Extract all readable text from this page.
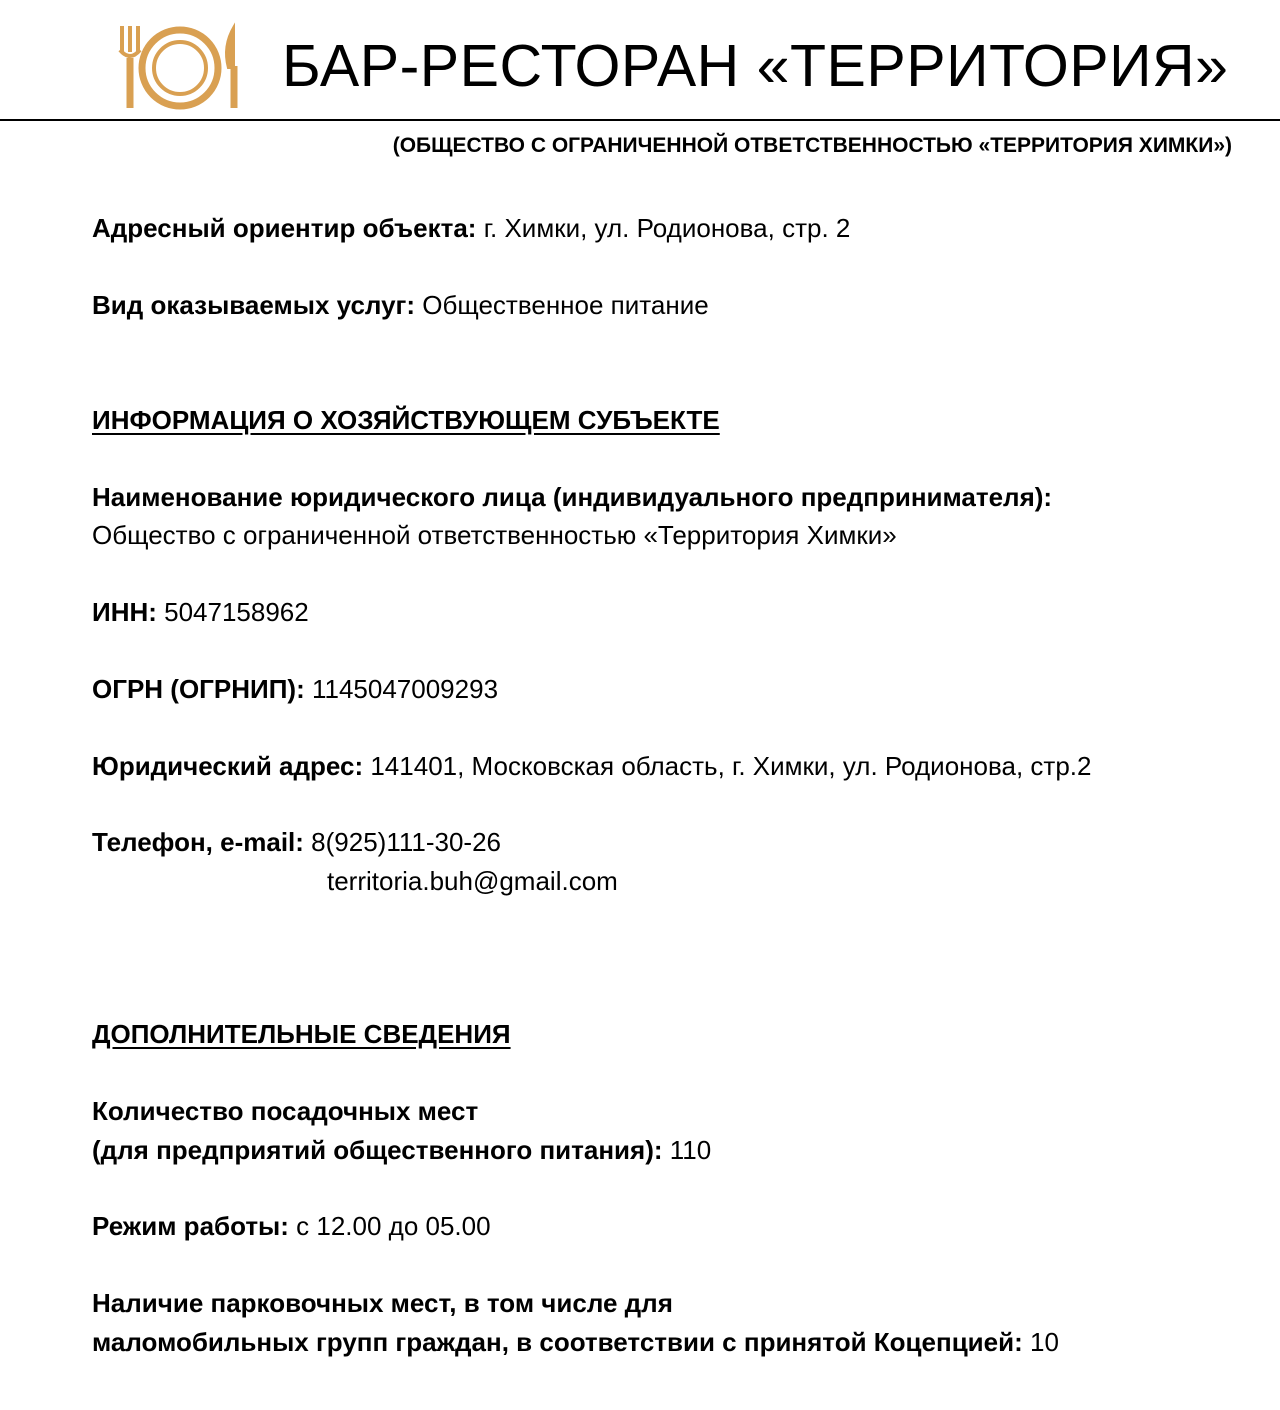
БАР-РЕСТОРАН «ТЕРРИТОРИЯ»
(ОБЩЕСТВО С ОГРАНИЧЕННОЙ ОТВЕТСТВЕННОСТЬЮ «ТЕРРИТОРИЯ ХИМКИ»)
Адресный ориентир объекта: г. Химки, ул. Родионова, стр. 2
Вид оказываемых услуг: Общественное питание
ИНФОРМАЦИЯ О ХОЗЯЙСТВУЮЩЕМ СУБЪЕКТЕ
Наименование юридического лица (индивидуального предпринимателя):
Общество с ограниченной ответственностью «Территория Химки»
ИНН: 5047158962
ОГРН (ОГРНИП): 1145047009293
Юридический адрес: 141401, Московская область, г. Химки, ул. Родионова, стр.2
Телефон, e-mail: 8(925)111-30-26
territoria.buh@gmail.com
ДОПОЛНИТЕЛЬНЫЕ СВЕДЕНИЯ
Количество посадочных мест
(для предприятий общественного питания): 110
Режим работы: с 12.00 до 05.00
Наличие парковочных мест, в том числе для
маломобильных групп граждан, в соответствии с принятой Коцепцией: 10
